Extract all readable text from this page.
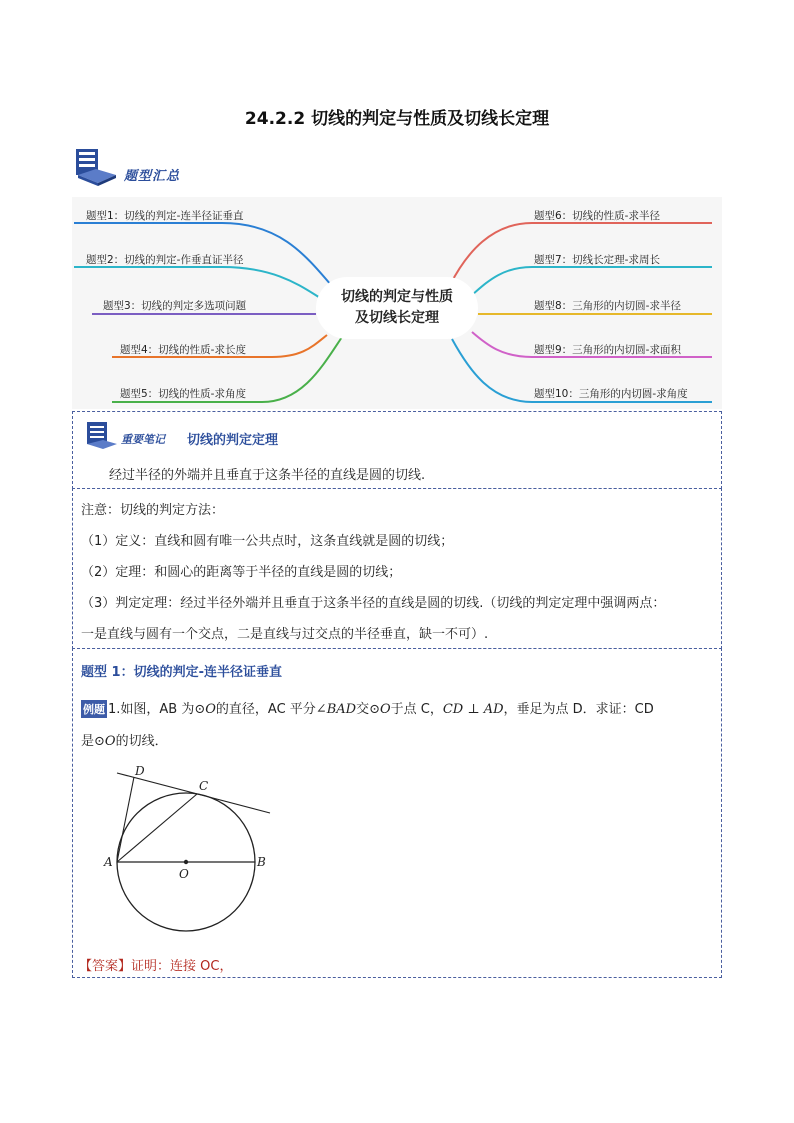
24.2.2 切线的判定与性质及切线长定理
题型汇总
题型1：切线的判定-连半径证垂直
题型2：切线的判定-作垂直证半径
题型3：切线的判定多选项问题
题型4：切线的性质-求长度
题型5：切线的性质-求角度
题型6：切线的性质-求半径
题型7：切线长定理-求周长
题型8：三角形的内切圆-求半径
题型9：三角形的内切圆-求面积
题型10：三角形的内切圆-求角度
切线的判定与性质
及切线长定理
重要笔记 切线的判定定理
经过半径的外端并且垂直于这条半径的直线是圆的切线.
注意：切线的判定方法：
（1）定义：直线和圆有唯一公共点时，这条直线就是圆的切线；
（2）定理：和圆心的距离等于半径的直线是圆的切线；
（3）判定定理：经过半径外端并且垂直于这条半径的直线是圆的切线.（切线的判定定理中强调两点：
一是直线与圆有一个交点，二是直线与过交点的半径垂直，缺一不可）.
题型 1：切线的判定-连半径证垂直
例题 1.如图，AB 为⊙O的直径，AC 平分∠BAD交⊙O于点 C，CD ⊥ AD，垂足为点 D．求证：CD
是⊙O的切线．
D
C
A
O
B
【答案】证明：连接 OC，
